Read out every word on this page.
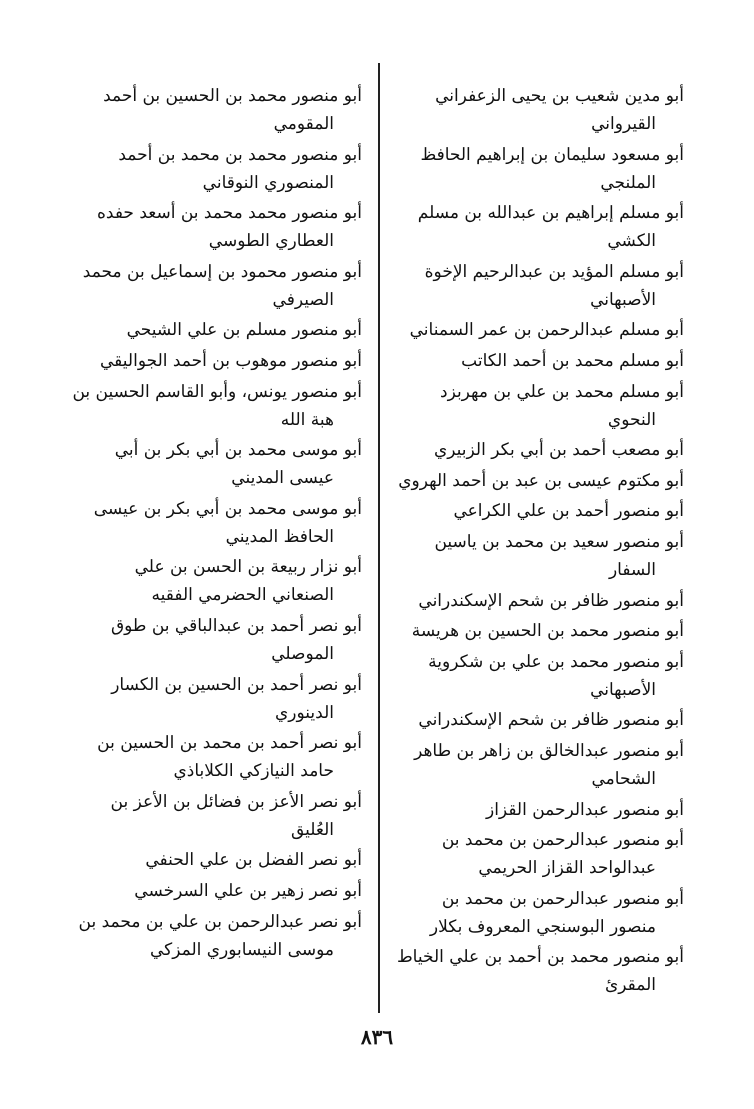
أبو مدين شعيب بن يحيى الزعفراني القيرواني
أبو مسعود سليمان بن إبراهيم الحافظ الملنجي
أبو مسلم إبراهيم بن عبدالله بن مسلم الكشي
أبو مسلم المؤيد بن عبدالرحيم الإخوة الأصبهاني
أبو مسلم عبدالرحمن بن عمر السمناني
أبو مسلم محمد بن أحمد الكاتب
أبو مسلم محمد بن علي بن مهربزد النحوي
أبو مصعب أحمد بن أبي بكر الزبيري
أبو مكتوم عيسى بن عبد بن أحمد الهروي
أبو منصور أحمد بن علي الكراعي
أبو منصور سعيد بن محمد بن ياسين السفار
أبو منصور ظافر بن شحم الإسكندراني
أبو منصور محمد بن الحسين بن هريسة
أبو منصور محمد بن علي بن شكروية الأصبهاني
أبو منصور ظافر بن شحم الإسكندراني
أبو منصور عبدالخالق بن زاهر بن طاهر الشحامي
أبو منصور عبدالرحمن القزاز
أبو منصور عبدالرحمن بن محمد بن عبدالواحد القزاز الحريمي
أبو منصور عبدالرحمن بن محمد بن منصور البوسنجي المعروف بكلار
أبو منصور محمد بن أحمد بن علي الخياط المقرئ
أبو منصور محمد بن الحسين بن أحمد المقومي
أبو منصور محمد بن محمد بن أحمد المنصوري النوقاني
أبو منصور محمد محمد بن أسعد حفده العطاري الطوسي
أبو منصور محمود بن إسماعيل بن محمد الصيرفي
أبو منصور مسلم بن علي الشيحي
أبو منصور موهوب بن أحمد الجواليقي
أبو منصور يونس، وأبو القاسم الحسين بن هبة الله
أبو موسى محمد بن أبي بكر بن أبي عيسى المديني
أبو موسى محمد بن أبي بكر بن عيسى الحافظ المديني
أبو نزار ربيعة بن الحسن بن علي الصنعاني الحضرمي الفقيه
أبو نصر أحمد بن عبدالباقي بن طوق الموصلي
أبو نصر أحمد بن الحسين بن الكسار الدينوري
أبو نصر أحمد بن محمد بن الحسين بن حامد النيازكي الكلاباذي
أبو نصر الأعز بن فضائل بن الأعز بن العُليق
أبو نصر الفضل بن علي الحنفي
أبو نصر زهير بن علي السرخسي
أبو نصر عبدالرحمن بن علي بن محمد بن موسى النيسابوري المزكي
٨٣٦
